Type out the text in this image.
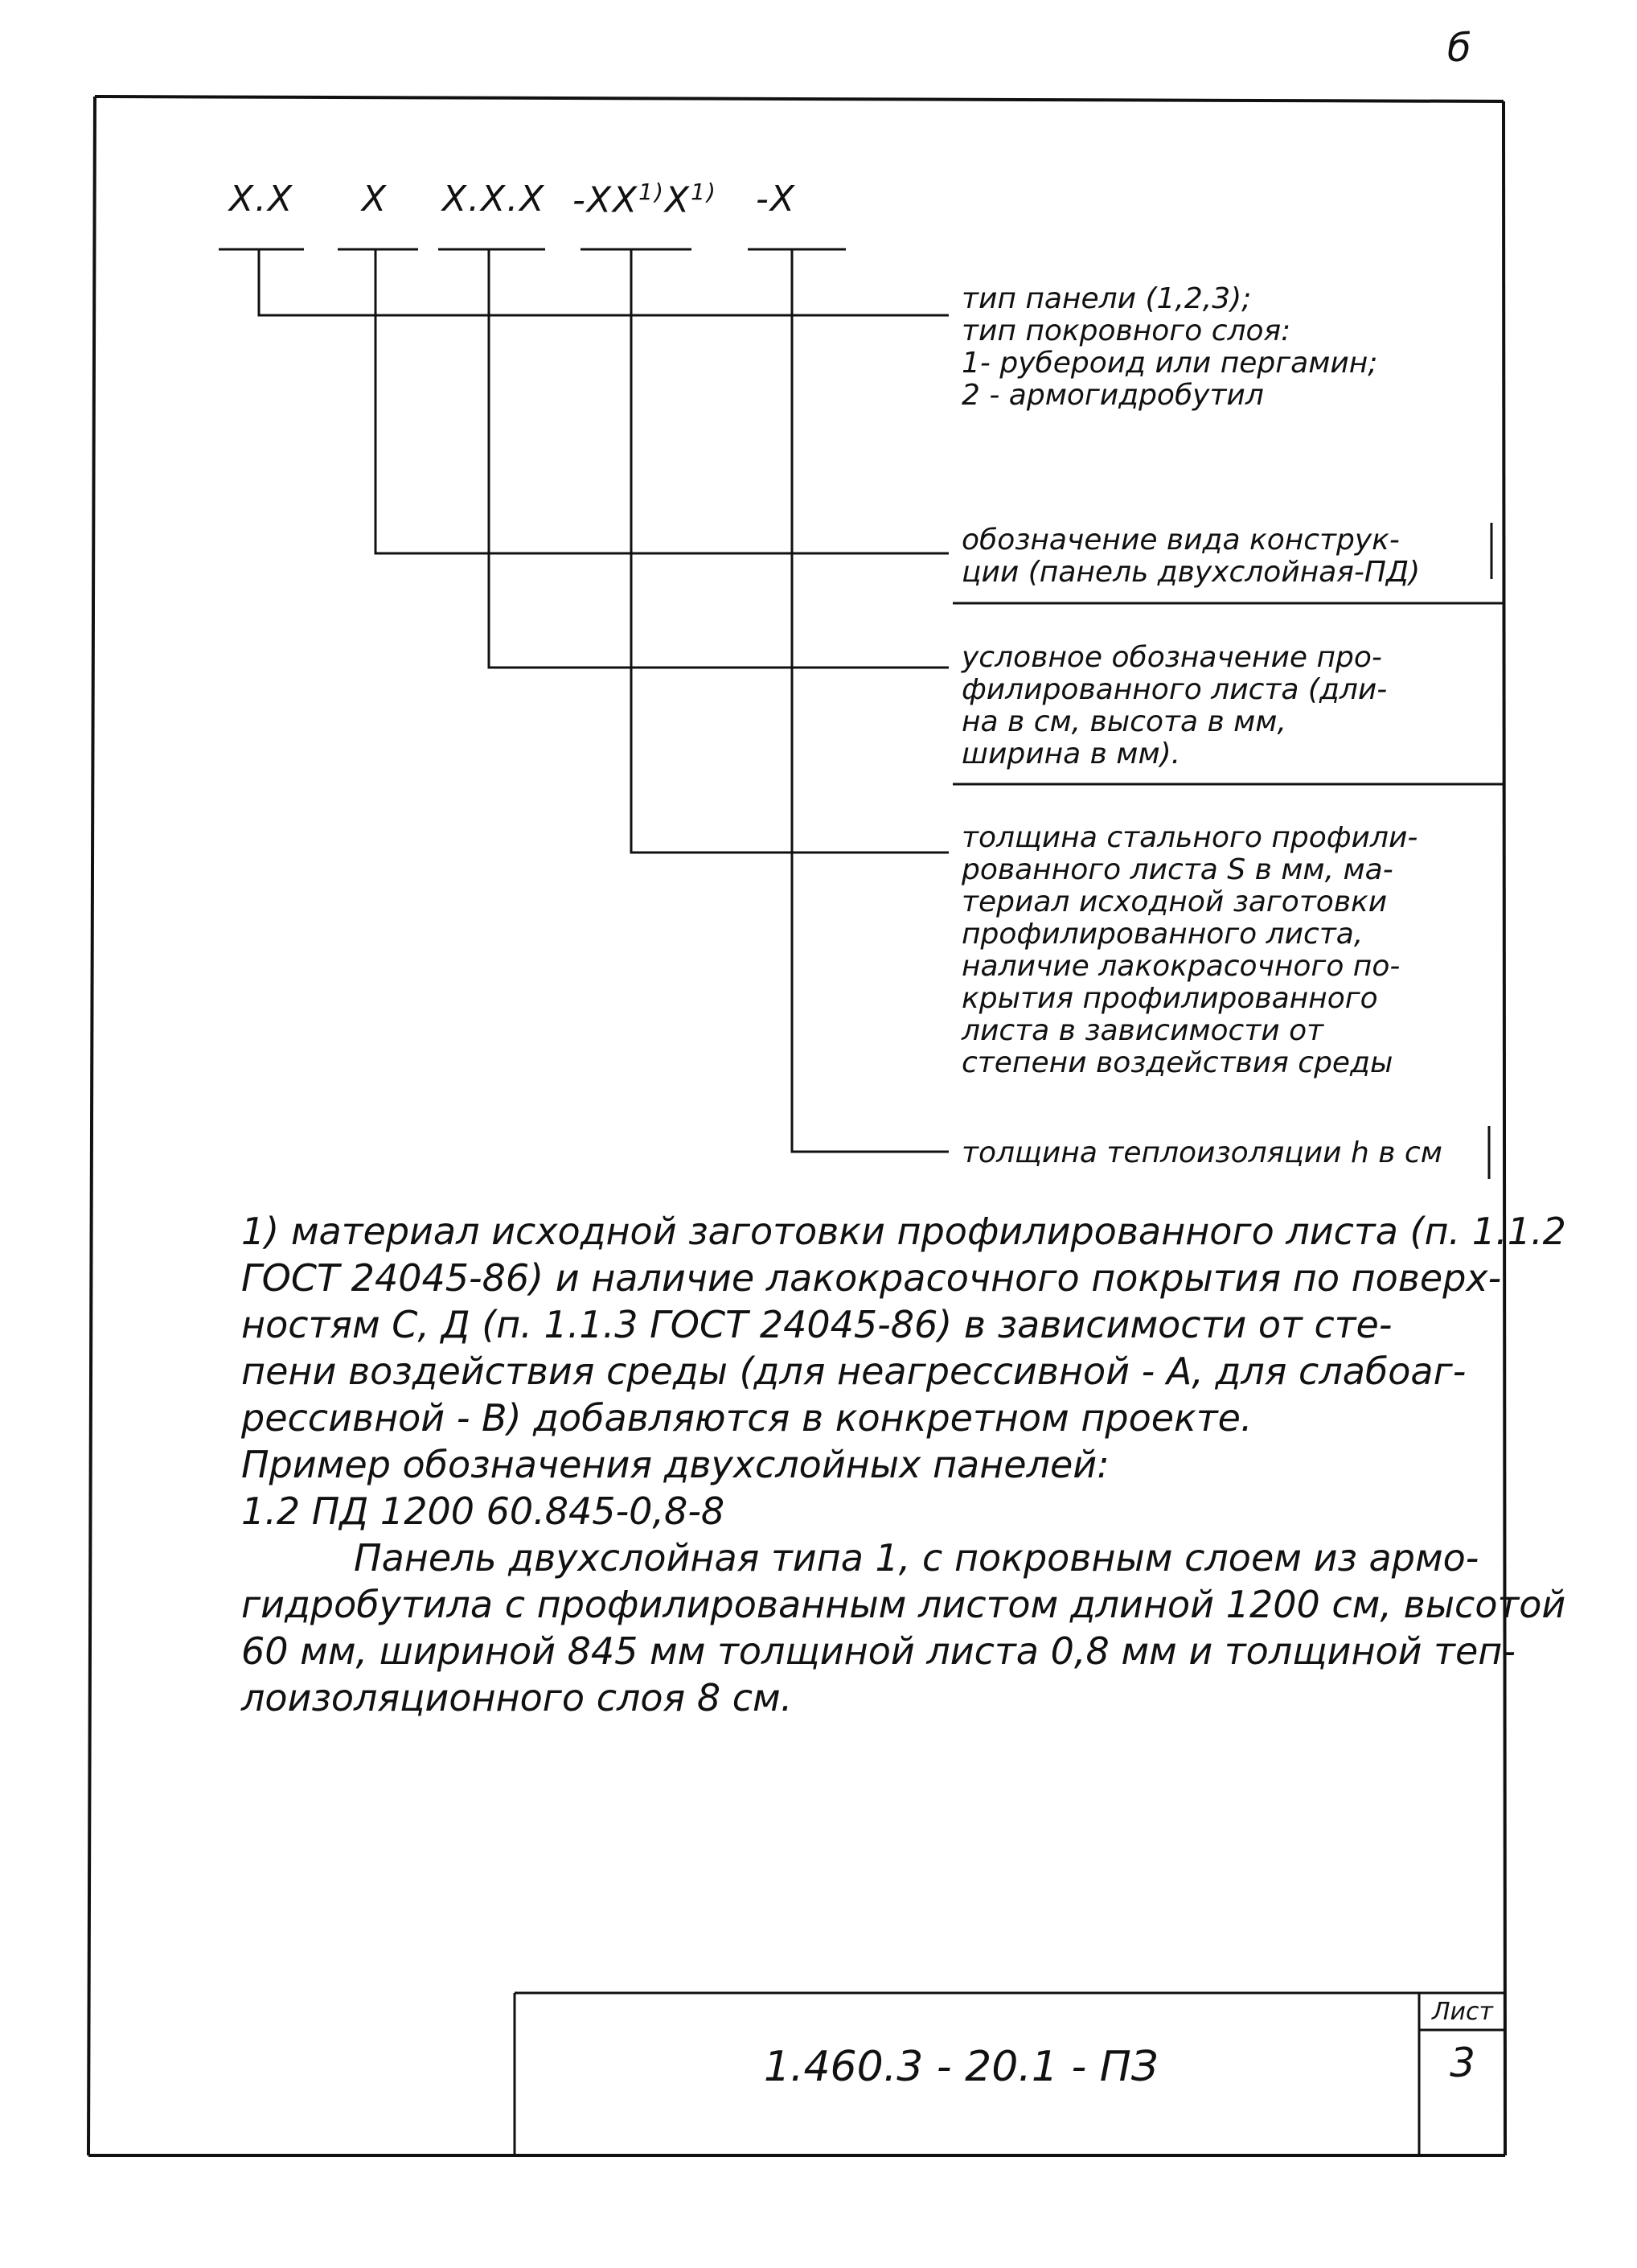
б
Х.Х Х Х.Х.Х $-ХХ^{1)}Х^{1)}$ -Х
тип панели (1,2,3);
тип покровного слоя:
1- рубероид или пергамин;
2 - армогидробутил
обозначение вида конструк-
ции (панель двухслойная-ПД)
условное обозначение про-
филированного листа (дли-
на в см, высота в мм,
ширина в мм).
толщина стального профили-
рованного листа S в мм, ма-
териал исходной заготовки
профилированного листа,
наличие лакокрасочного по-
крытия профилированного
листа в зависимости от
степени воздействия среды
толщина теплоизоляции h в см

1) материал исходной заготовки профилированного листа (п. 1.1.2

ГОСТ 24045-86) и наличие лакокрасочного покрытия по поверх-

ностям С, Д (п. 1.1.3 ГОСТ 24045-86) в зависимости от сте-

пени воздействия среды (для неагрессивной - А, для слабоаг-

рессивной - В) добавляются в конкретном проекте.

Пример обозначения двухслойных панелей:

1.2 ПД 1200 60.845-0,8-8

Панель двухслойная типа 1, с покровным слоем из армо-

гидробутила с профилированным листом длиной 1200 см, высотой

60 мм, шириной 845 мм толщиной листа 0,8 мм и толщиной теп-

лоизоляционного слоя 8 см.

1.460.3 - 20.1 - ПЗ
Лист
3
